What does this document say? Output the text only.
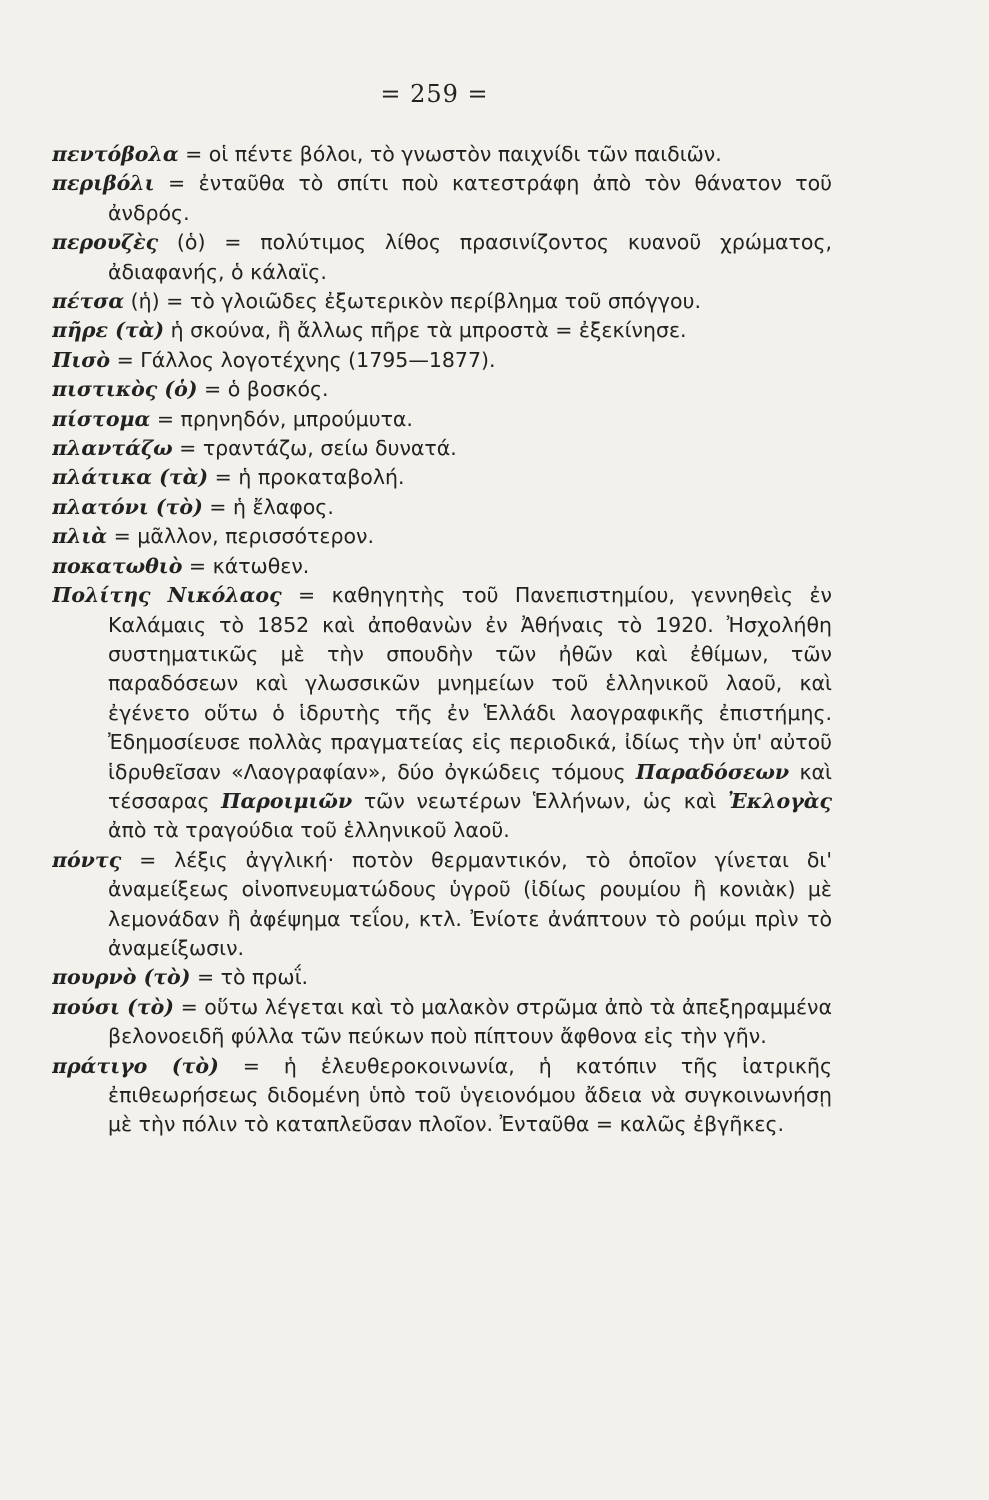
= 259 =

πεντόβολα = οἱ πέντε βόλοι, τὸ γνωστὸν παιχνίδι τῶν παιδιῶν.

περιβόλι = ἐνταῦθα τὸ σπίτι ποὺ κατεστράφη ἀπὸ τὸν θάνατον τοῦ ἀνδρός.

περουζὲς (ὁ) = πολύτιμος λίθος πρασινίζοντος κυανοῦ χρώματος, ἀδιαφανής, ὁ κάλαϊς.

πέτσα (ἡ) = τὸ γλοιῶδες ἐξωτερικὸν περίβλημα τοῦ σπόγγου.

πῆρε (τὰ) ἡ σκούνα, ἢ ἄλλως πῆρε τὰ μπροστὰ = ἐξεκίνησε.

Πισὸ = Γάλλος λογοτέχνης (1795—1877).

πιστικὸς (ὁ) = ὁ βοσκός.

πίστομα = πρηνηδόν, μπρούμυτα.

πλαντάζω = τραντάζω, σείω δυνατά.

πλάτικα (τὰ) = ἡ προκαταβολή.

πλατόνι (τὸ) = ἡ ἔλαφος.

πλιὰ = μᾶλλον, περισσότερον.

ποκατωθιὸ = κάτωθεν.

Πολίτης Νικόλαος = καθηγητὴς τοῦ Πανεπιστημίου, γεννηθεὶς ἐν Καλάμαις τὸ 1852 καὶ ἀποθανὼν ἐν Ἀθήναις τὸ 1920. Ἠσχολήθη συστηματικῶς μὲ τὴν σπουδὴν τῶν ἠθῶν καὶ ἐθίμων, τῶν παραδόσεων καὶ γλωσσικῶν μνημείων τοῦ ἑλληνικοῦ λαοῦ, καὶ ἐγένετο οὕτω ὁ ἱδρυτὴς τῆς ἐν Ἑλλάδι λαογραφικῆς ἐπιστήμης. Ἐδημοσίευσε πολλὰς πραγματείας εἰς περιοδικά, ἰδίως τὴν ὑπ' αὐτοῦ ἱδρυθεῖσαν «Λαογραφίαν», δύο ὀγκώδεις τόμους Παραδόσεων καὶ τέσσαρας Παροιμιῶν τῶν νεωτέρων Ἑλλήνων, ὡς καὶ Ἐκλογὰς ἀπὸ τὰ τραγούδια τοῦ ἑλληνικοῦ λαοῦ.

πόντς = λέξις ἀγγλική· ποτὸν θερμαντικόν, τὸ ὁποῖον γίνεται δι' ἀναμείξεως οἰνοπνευματώδους ὑγροῦ (ἰδίως ρουμίου ἢ κονιὰκ) μὲ λεμονάδαν ἢ ἀφέψημα τεΐου, κτλ. Ἐνίοτε ἀνάπτουν τὸ ρούμι πρὶν τὸ ἀναμείξωσιν.

πουρνὸ (τὸ) = τὸ πρωΐ.

πούσι (τὸ) = οὕτω λέγεται καὶ τὸ μαλακὸν στρῶμα ἀπὸ τὰ ἀπεξηραμμένα βελονοειδῆ φύλλα τῶν πεύκων ποὺ πίπτουν ἄφθονα εἰς τὴν γῆν.

πράτιγο (τὸ) = ἡ ἐλευθεροκοινωνία, ἡ κατόπιν τῆς ἰατρικῆς ἐπιθεωρήσεως διδομένη ὑπὸ τοῦ ὑγειονόμου ἄδεια νὰ συγκοινωνήσῃ μὲ τὴν πόλιν τὸ καταπλεῦσαν πλοῖον. Ἐνταῦθα = καλῶς ἐβγῆκες.
